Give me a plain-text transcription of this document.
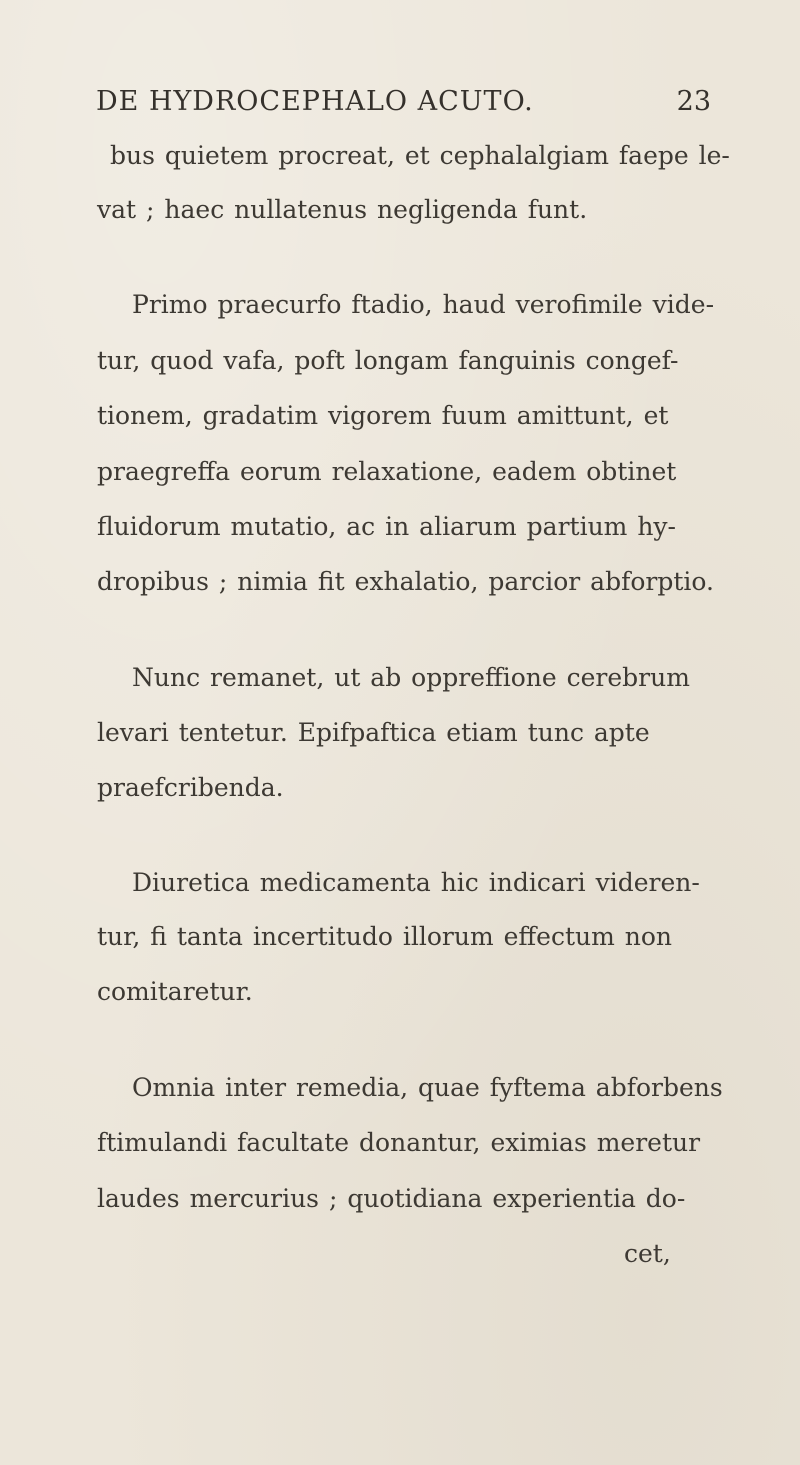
DE HYDROCEPHALO ACUTO.	23
bus quietem procreat, et cephalalgiam faepe le-
vat ; haec nullatenus negligenda funt.
Primo praecurfo ftadio, haud verofimile vide-
tur, quod vafa, poft longam fanguinis congef-
tionem, gradatim vigorem fuum amittunt, et
praegreffa eorum relaxatione, eadem obtinet
fluidorum mutatio, ac in aliarum partium hy-
dropibus ; nimia fit exhalatio, parcior abforptio.
Nunc remanet, ut ab oppreffione cerebrum
levari tentetur. Epifpaftica etiam tunc apte
praefcribenda.
Diuretica medicamenta hic indicari videren-
tur, fi tanta incertitudo illorum effectum non
comitaretur.
Omnia inter remedia, quae fyftema abforbens
ftimulandi facultate donantur, eximias meretur
laudes mercurius ; quotidiana experientia do-
cet,
